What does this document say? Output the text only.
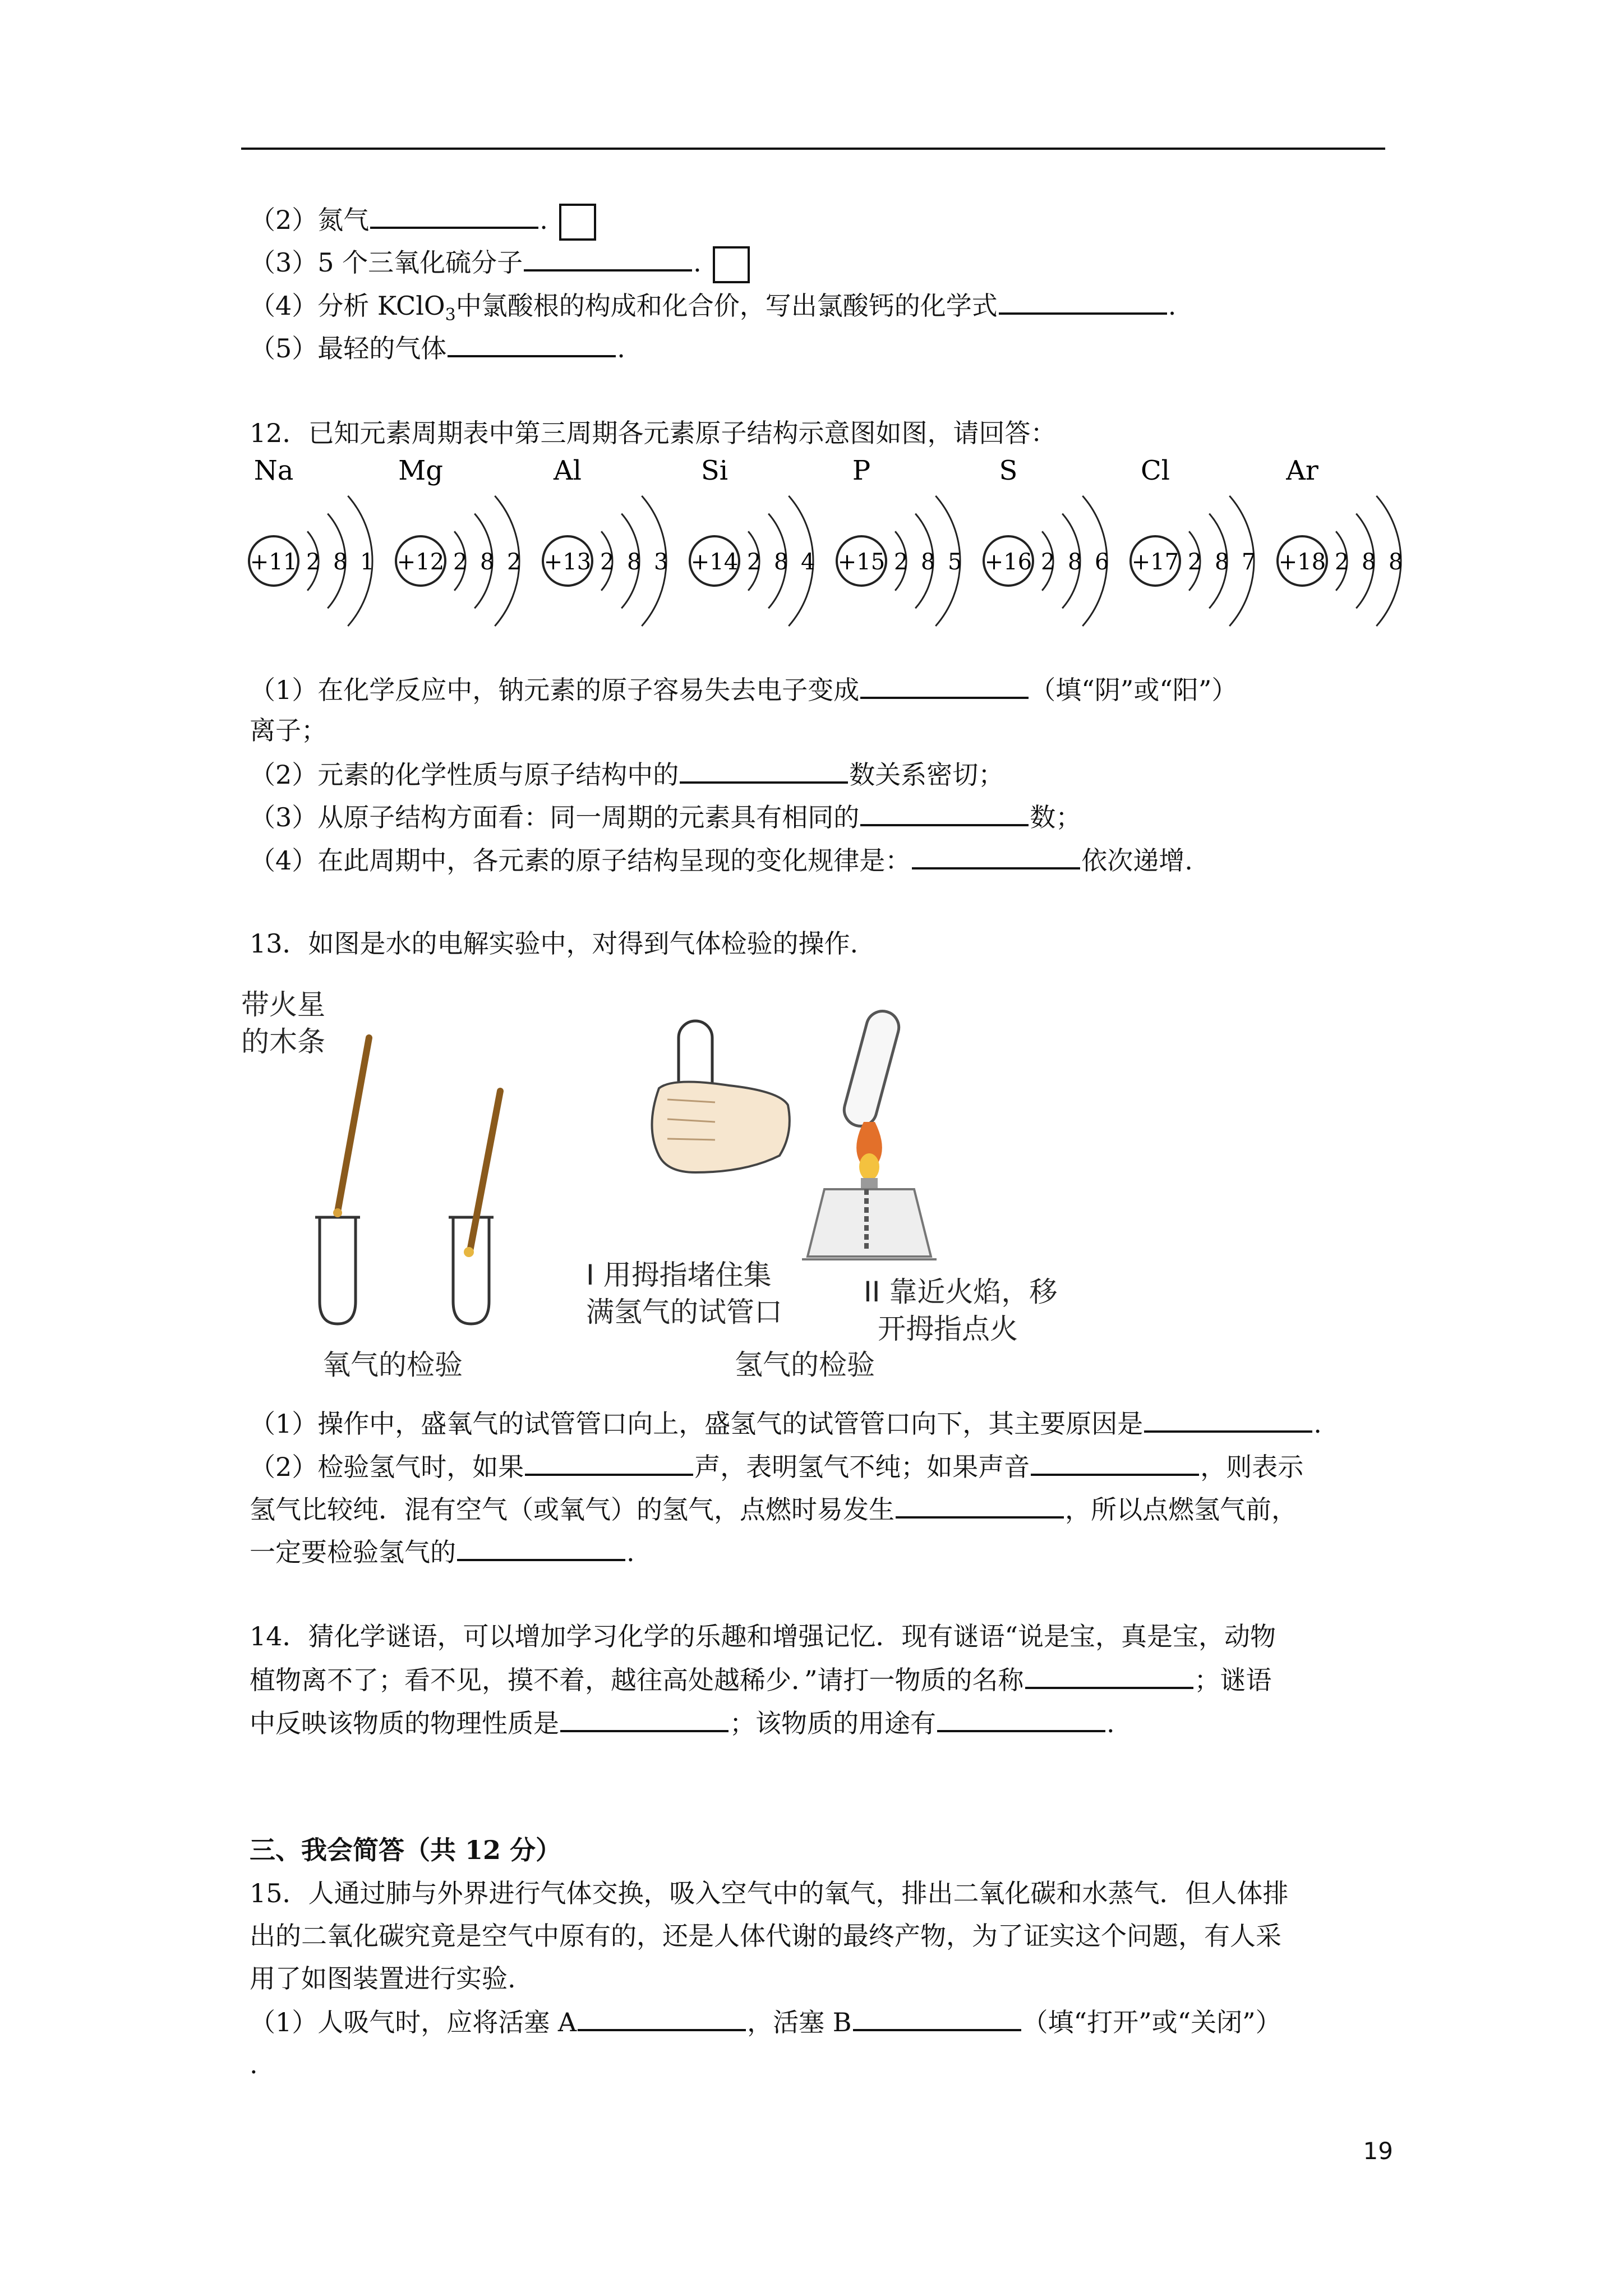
（2）氮气	.
（3）5 个三氧化硫分子	.
（4）分析 KClO$_3$中氯酸根的构成和化合价，写出氯酸钙的化学式	.
（5）最轻的气体	.
12．已知元素周期表中第三周期各元素原子结构示意图如图，请回答：
Na
+11 2 8 1
Mg
+12 2 8 2
Al
+13 2 8 3
Si
+14 2 8 4
P
+15 2 8 5
S
+16 2 8 6
Cl
+17 2 8 7
Ar
+18 2 8 8
（1）在化学反应中，钠元素的原子容易失去电子变成	（填“阴”或“阳”）
离子；
（2）元素的化学性质与原子结构中的	数关系密切；
（3）从原子结构方面看：同一周期的元素具有相同的	数；
（4）在此周期中，各元素的原子结构呈现的变化规律是：	依次递增.
13．如图是水的电解实验中，对得到气体检验的操作.
带火星
的木条
I 用拇指堵住集
满氢气的试管口
II 靠近火焰，移
开拇指点火
氧气的检验	氢气的检验
（1）操作中，盛氧气的试管管口向上，盛氢气的试管管口向下，其主要原因是	.
（2）检验氢气时，如果	声，表明氢气不纯；如果声音	，则表示
氢气比较纯．混有空气（或氧气）的氢气，点燃时易发生	，所以点燃氢气前，
一定要检验氢气的	.
14．猜化学谜语，可以增加学习化学的乐趣和增强记忆．现有谜语“说是宝，真是宝，动物
植物离不了；看不见，摸不着，越往高处越稀少．”请打一物质的名称	；谜语
中反映该物质的物理性质是	；该物质的用途有	.
三、我会简答（共 12 分）
15．人通过肺与外界进行气体交换，吸入空气中的氧气，排出二氧化碳和水蒸气．但人体排
出的二氧化碳究竟是空气中原有的，还是人体代谢的最终产物，为了证实这个问题，有人采
用了如图装置进行实验.
（1）人吸气时，应将活塞 A	，活塞 B	（填“打开”或“关闭”）
.
19
